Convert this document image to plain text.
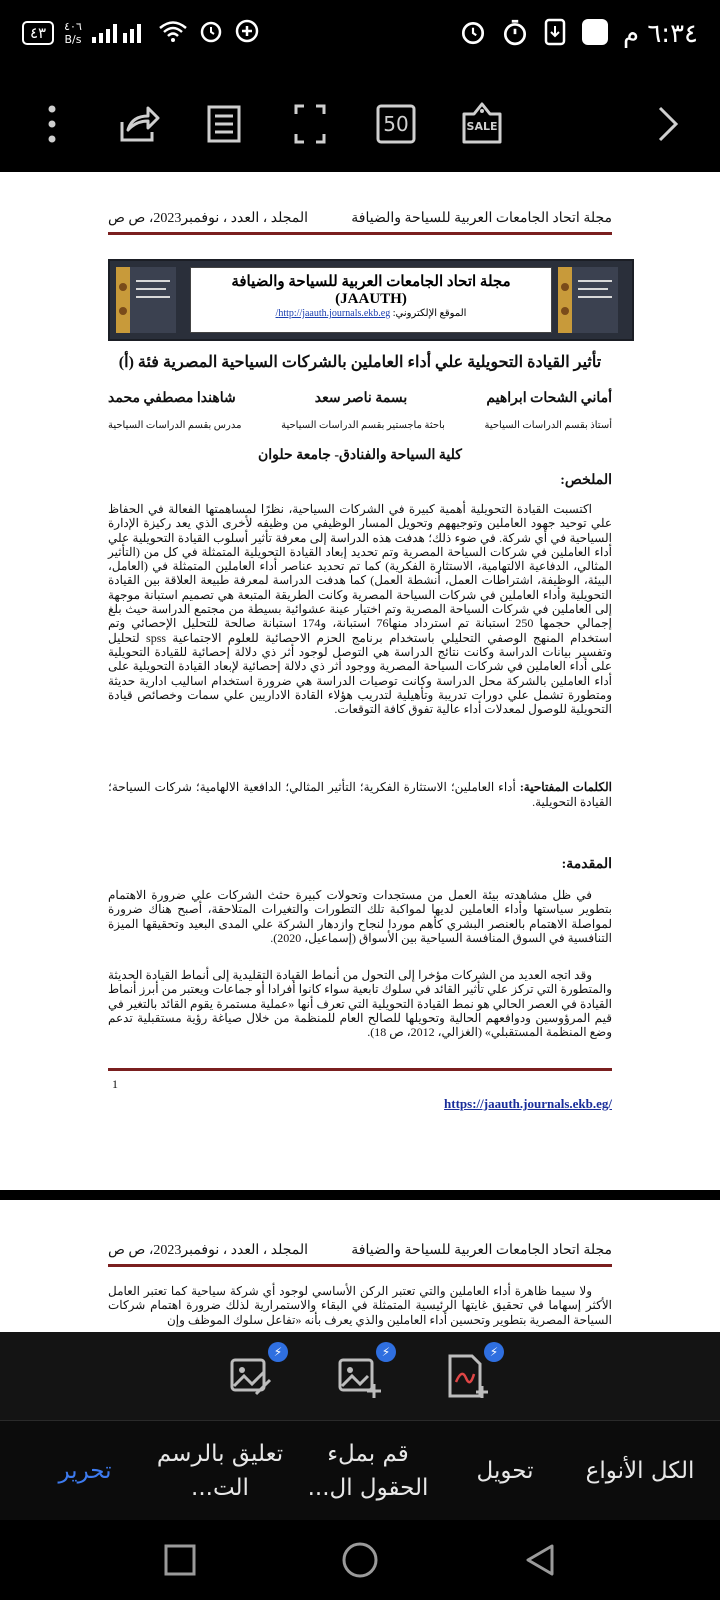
٤٣	٤٠٦
B/s	٦:٣٤ م
50	SALE
مجلة اتحاد الجامعات العربية للسياحة والضيافة
المجلد ، العدد ، نوفمبر2023، ص ص
مجلة اتحاد الجامعات العربية للسياحة والضيافة
(JAAUTH)
الموقع الإلكتروني: http://jaauth.journals.ekb.eg/
تأثير القيادة التحويلية علي أداء العاملين بالشركات السياحية المصرية فئة (أ)
أماني الشحات ابراهيم
بسمة ناصر سعد
شاهندا مصطفي محمد
أستاذ بقسم الدراسات السياحية
باحثة ماجستير بقسم الدراسات السياحية
مدرس بقسم الدراسات السياحية
كلية السياحة والفنادق- جامعة حلوان
الملخص:
اكتسبت القيادة التحويلية أهمية كبيرة في الشركات السياحية، نظرًا لمساهمتها الفعالة في الحفاظ علي توحيد جهود العاملين وتوجيههم وتحويل المسار الوظيفي من وظيفه لأخرى الذي يعد ركيزة الإدارة السياحية في أي شركة. في ضوء ذلك؛ هدفت هذه الدراسة إلى معرفة تأثير أسلوب القيادة التحويلية علي أداء العاملين في شركات السياحة المصرية وتم تحديد إبعاد القيادة التحويلية المتمثلة في كل من (التأثير المثالي، الدفاعية الالتهامية، الاستثارة الفكرية) كما تم تحديد عناصر أداء العاملين المتمثلة في (العامل، البيئة، الوظيفة، اشتراطات العمل، أنشطة العمل) كما هدفت الدراسة لمعرفة طبيعة العلاقة بين القيادة التحويلية وأداء العاملين في شركات السياحة المصرية وكانت الطريقة المتبعة هي تصميم استبانة موجهة إلى العاملين في شركات السياحة المصرية وتم اختيار عينة عشوائية بسيطة من مجتمع الدراسة حيث بلغ إجمالي حجمها 250 استبانة تم استرداد منها76 استبانة، و174 استبانة صالحة للتحليل الإحصائي وتم استخدام المنهج الوصفي التحليلي باستخدام برنامج الحزم الاحصائية للعلوم الاجتماعية spss لتحليل وتفسير بيانات الدراسة وكانت نتائج الدراسة هي التوصل لوجود أثر ذي دلالة إحصائية للقيادة التحويلية على أداء العاملين في شركات السياحة المصرية ووجود أثر ذي دلالة إحصائية لإبعاد القيادة التحويلية على أداء العاملين بالشركة محل الدراسة وكانت توصيات الدراسة هي ضرورة استخدام اساليب ادارية حديثة ومتطورة تشمل علي دورات تدريبة وتأهيلية لتدريب هؤلاء القادة الاداريين علي سمات وخصائص قيادة التحويلية للوصول لمعدلات أداء عالية تفوق كافة التوقعات.
الكلمات المفتاحية: أداء العاملين؛ الاستثارة الفكرية؛ التأثير المثالي؛ الدافعية الالهامية؛ شركات السياحة؛ القيادة التحويلية.
المقدمة:
في ظل مشاهدته بيئة العمل من مستجدات وتحولات كبيرة حثث الشركات علي ضرورة الاهتمام بتطوير سياستها وأداء العاملين لديها لمواكبة تلك التطورات والتغيرات المتلاحقة، أصبح هناك ضرورة لمواصلة الاهتمام بالعنصر البشري كأهم موردا لنجاح وازدهار الشركة علي المدى البعيد وتحقيقها الميزة التنافسية في السوق المنافسة السياحية بين الأسواق (إسماعيل، 2020).
وقد اتجه العديد من الشركات مؤخرا إلى التحول من أنماط القيادة التقليدية إلى أنماط القيادة الحديثة والمتطورة التي تركز علي تأثير القائد في سلوك تابعية سواء كانوا أفرادا أو جماعات ويعتبر من أبرز أنماط القيادة في العصر الحالي هو نمط القيادة التحويلية التي تعرف أنها «عملية مستمرة يقوم القائد بالتغير في قيم المرؤوسين ودوافعهم الحالية وتحويلها للصالح العام للمنظمة من خلال صياغة رؤية مستقبلية تدعم وضع المنظمة المستقبلي» (الغزالي، 2012، ص 18).
1
https://jaauth.journals.ekb.eg/
مجلة اتحاد الجامعات العربية للسياحة والضيافة
المجلد ، العدد ، نوفمبر2023، ص ص
ولا سيما ظاهرة أداء العاملين والتي تعتبر الركن الأساسي لوجود أي شركة سياحية كما تعتبر العامل الأكثر إسهاما في تحقيق غايتها الرئيسية المتمثلة في البقاء والاستمرارية لذلك ضرورة اهتمام شركات السياحة المصرية بتطوير وتحسين أداء العاملين والذي يعرف بأنه «تفاعل سلوك الموظف وإن
⚡	⚡	⚡
الكل الأنواع
تحويل
قم بملء الحقول ال...
تعليق بالرسم الت...
تحرير
